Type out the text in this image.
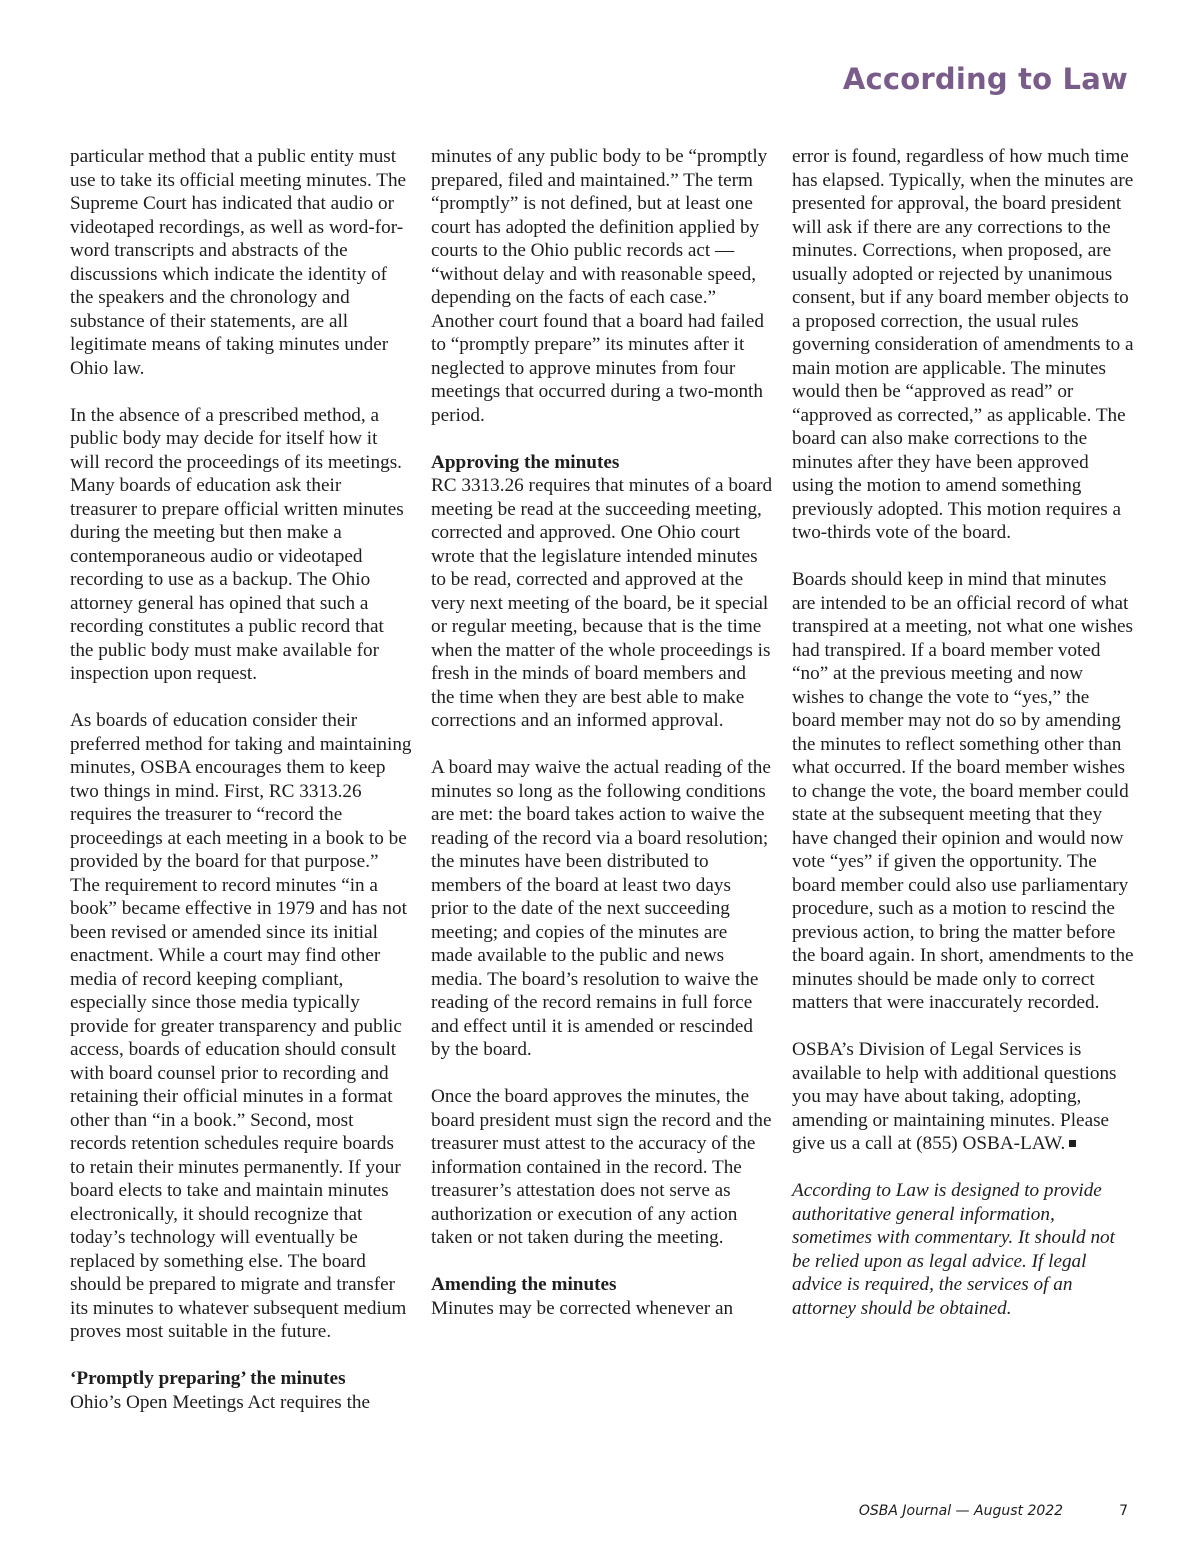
According to Law

particular method that a public entity must use to take its official meeting minutes. The Supreme Court has indicated that audio or videotaped recordings, as well as word-for-word transcripts and abstracts of the discussions which indicate the identity of the speakers and the chronology and substance of their statements, are all legitimate means of taking minutes under Ohio law.

In the absence of a prescribed method, a public body may decide for itself how it will record the proceedings of its meetings. Many boards of education ask their treasurer to prepare official written minutes during the meeting but then make a contemporaneous audio or videotaped recording to use as a backup. The Ohio attorney general has opined that such a recording constitutes a public record that the public body must make available for inspection upon request.

As boards of education consider their preferred method for taking and maintaining minutes, OSBA encourages them to keep two things in mind. First, RC 3313.26 requires the treasurer to “record the proceedings at each meeting in a book to be provided by the board for that purpose.” The requirement to record minutes “in a book” became effective in 1979 and has not been revised or amended since its initial enactment. While a court may find other media of record keeping compliant, especially since those media typically provide for greater transparency and public access, boards of education should consult with board counsel prior to recording and retaining their official minutes in a format other than “in a book.” Second, most records retention schedules require boards to retain their minutes permanently. If your board elects to take and maintain minutes electronically, it should recognize that today’s technology will eventually be replaced by something else. The board should be prepared to migrate and transfer its minutes to whatever subsequent medium proves most suitable in the future.

‘Promptly preparing’ the minutes

Ohio’s Open Meetings Act requires the

minutes of any public body to be “promptly prepared, filed and maintained.” The term “promptly” is not defined, but at least one court has adopted the definition applied by courts to the Ohio public records act — “without delay and with reasonable speed, depending on the facts of each case.” Another court found that a board had failed to “promptly prepare” its minutes after it neglected to approve minutes from four meetings that occurred during a two-month period.

Approving the minutes

RC 3313.26 requires that minutes of a board meeting be read at the succeeding meeting, corrected and approved. One Ohio court wrote that the legislature intended minutes to be read, corrected and approved at the very next meeting of the board, be it special or regular meeting, because that is the time when the matter of the whole proceedings is fresh in the minds of board members and the time when they are best able to make corrections and an informed approval.

A board may waive the actual reading of the minutes so long as the following conditions are met: the board takes action to waive the reading of the record via a board resolution; the minutes have been distributed to members of the board at least two days prior to the date of the next succeeding meeting; and copies of the minutes are made available to the public and news media. The board’s resolution to waive the reading of the record remains in full force and effect until it is amended or rescinded by the board.

Once the board approves the minutes, the board president must sign the record and the treasurer must attest to the accuracy of the information contained in the record. The treasurer’s attestation does not serve as authorization or execution of any action taken or not taken during the meeting.

Amending the minutes

Minutes may be corrected whenever an

error is found, regardless of how much time has elapsed. Typically, when the minutes are presented for approval, the board president will ask if there are any corrections to the minutes. Corrections, when proposed, are usually adopted or rejected by unanimous consent, but if any board member objects to a proposed correction, the usual rules governing consideration of amendments to a main motion are applicable. The minutes would then be “approved as read” or “approved as corrected,” as applicable. The board can also make corrections to the minutes after they have been approved using the motion to amend something previously adopted. This motion requires a two-thirds vote of the board.

Boards should keep in mind that minutes are intended to be an official record of what transpired at a meeting, not what one wishes had transpired. If a board member voted “no” at the previous meeting and now wishes to change the vote to “yes,” the board member may not do so by amending the minutes to reflect something other than what occurred. If the board member wishes to change the vote, the board member could state at the subsequent meeting that they have changed their opinion and would now vote “yes” if given the opportunity. The board member could also use parliamentary procedure, such as a motion to rescind the previous action, to bring the matter before the board again. In short, amendments to the minutes should be made only to correct matters that were inaccurately recorded.

OSBA’s Division of Legal Services is available to help with additional questions you may have about taking, adopting, amending or maintaining minutes. Please give us a call at (855) OSBA-LAW.

According to Law is designed to provide authoritative general information, sometimes with commentary. It should not be relied upon as legal advice. If legal advice is required, the services of an attorney should be obtained.

OSBA Journal — August 2022	7
